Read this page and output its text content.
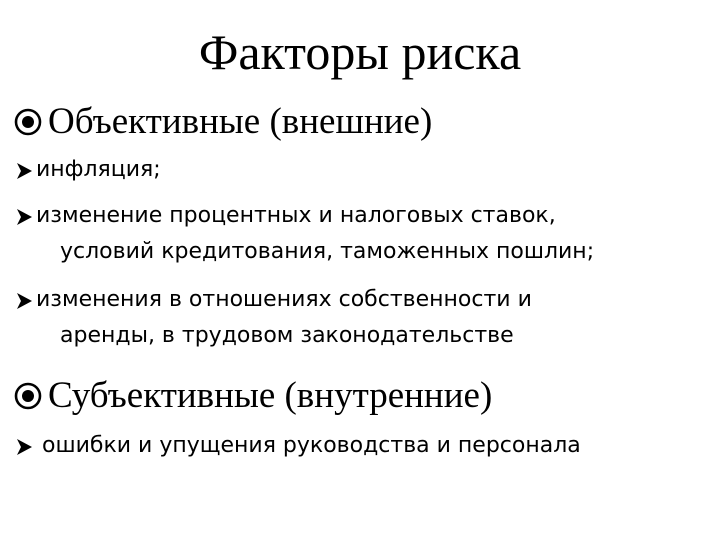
Факторы риска
Объективные (внешние)
инфляция;
изменение процентных и налоговых ставок,
условий кредитования, таможенных пошлин;
изменения в отношениях собственности и
аренды, в трудовом законодательстве
Субъективные (внутренние)
ошибки и упущения руководства и персонала
